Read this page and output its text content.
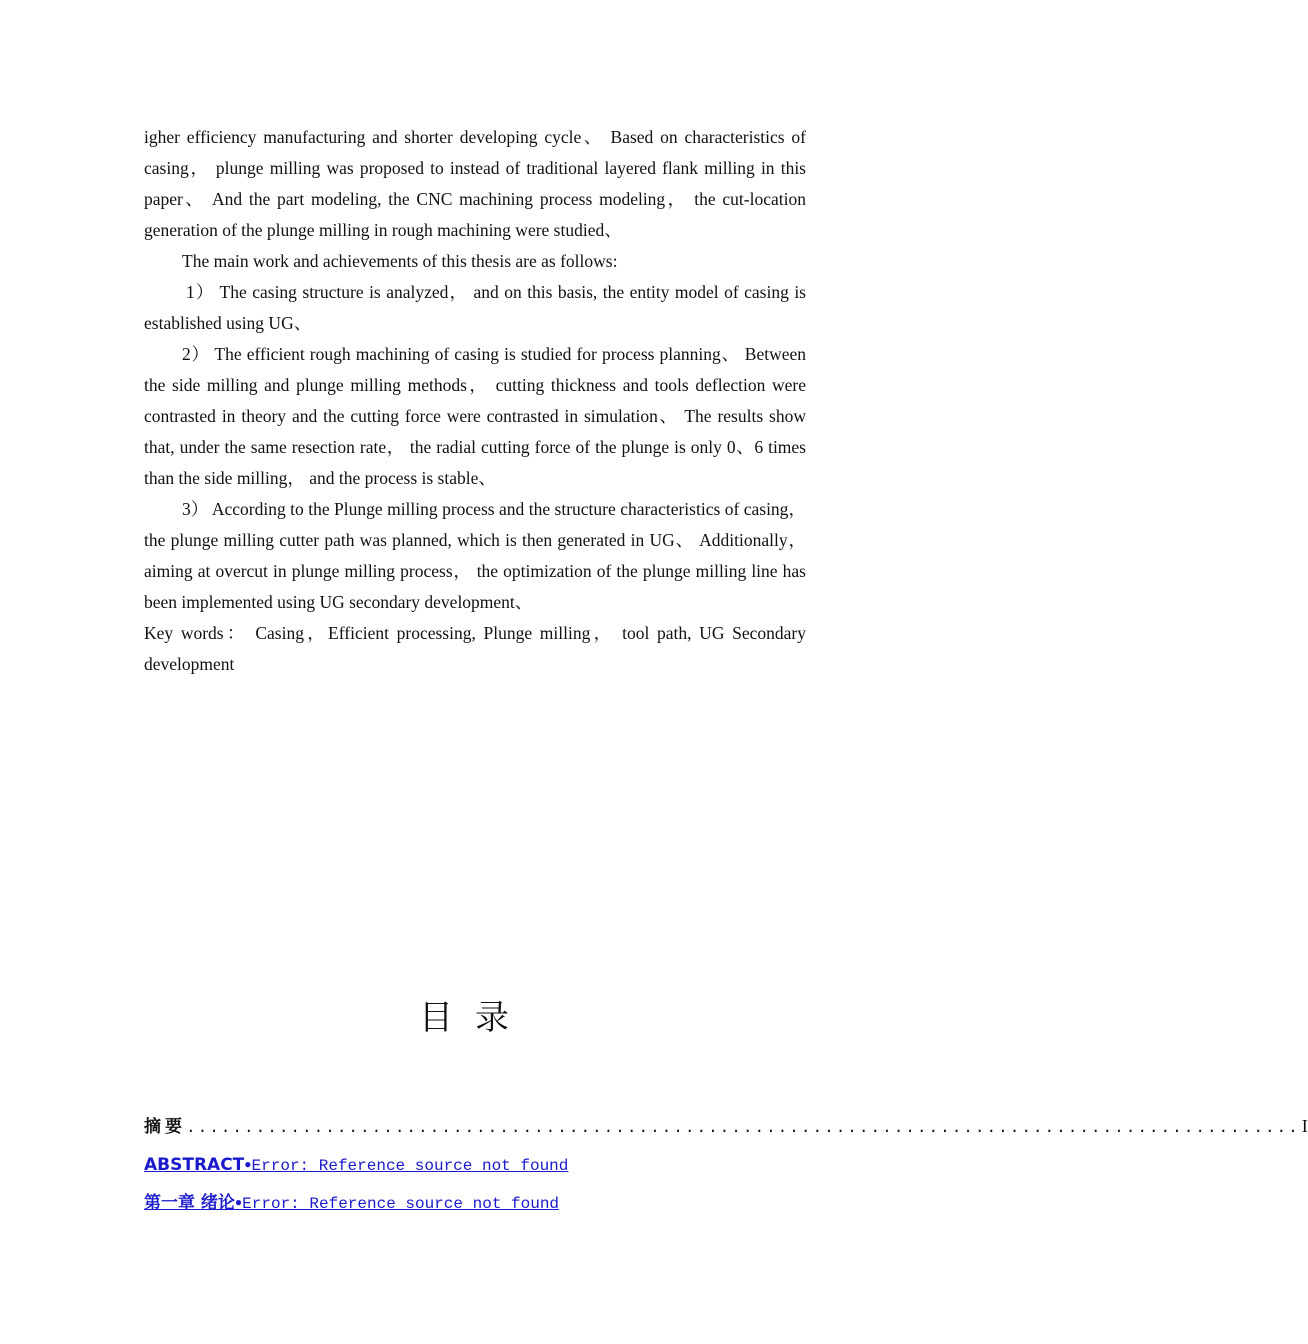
igher efficiency manufacturing and shorter developing cycle、 Based on characteristics of casing， plunge milling was proposed to instead of traditional layered flank milling in this paper、 And the part modeling, the CNC machining process modeling， the cut-location generation of the plunge milling in rough machining were studied、

The main work and achievements of this thesis are as follows:

1） The casing structure is analyzed， and on this basis, the entity model of casing is established using UG、

2） The efficient rough machining of casing is studied for process planning、 Between the side milling and plunge milling methods， cutting thickness and tools deflection were contrasted in theory and the cutting force were contrasted in simulation、 The results show that, under the same resection rate， the radial cutting force of the plunge is only 0、6 times than the side milling， and the process is stable、

3） According to the Plunge milling process and the structure characteristics of casing， the plunge milling cutter path was planned, which is then generated in UG、 Additionally， aiming at overcut in plunge milling process， the optimization of the plunge milling line has been implemented using UG secondary development、

Key words： Casing，Efficient processing, Plunge milling， tool path, UG Secondary development

目录
摘要 ................................................................................................ I
ABSTRACT●Error: Reference source not found
第一章 绪论●Error: Reference source not found
